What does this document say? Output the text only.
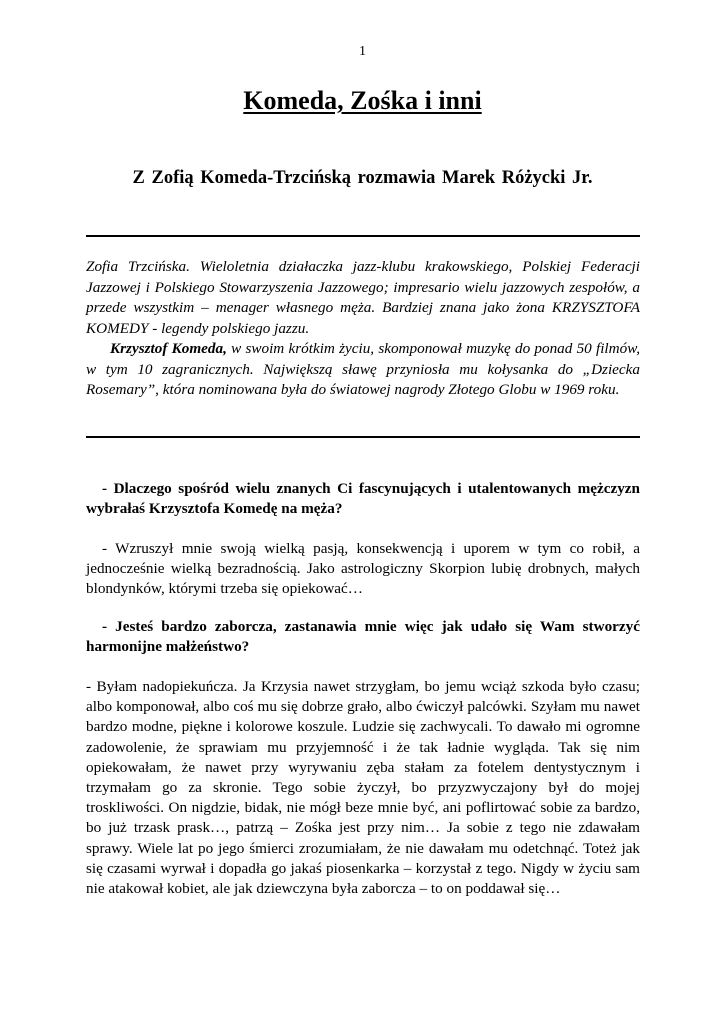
1
Komeda, Zośka i inni
Z Zofią Komeda-Trzcińską rozmawia Marek Różycki Jr.

Zofia Trzcińska. Wieloletnia działaczka jazz-klubu krakowskiego, Polskiej Federacji Jazzowej i Polskiego Stowarzyszenia Jazzowego; impresario wielu jazzowych zespołów, a przede wszystkim – menager własnego męża. Bardziej znana jako żona KRZYSZTOFA KOMEDY - legendy polskiego jazzu.

Krzysztof Komeda, w swoim krótkim życiu, skomponował muzykę do ponad 50 filmów, w tym 10 zagranicznych. Największą sławę przyniosła mu kołysanka do „Dziecka Rosemary”, która nominowana była do światowej nagrody Złotego Globu w 1969 roku.

- Dlaczego spośród wielu znanych Ci fascynujących i utalentowanych mężczyzn wybrałaś Krzysztofa Komedę na męża?
- Wzruszył mnie swoją wielką pasją, konsekwencją i uporem w tym co robił, a jednocześnie wielką bezradnością. Jako astrologiczny Skorpion lubię drobnych, małych blondynków, którymi trzeba się opiekować…
- Jesteś bardzo zaborcza, zastanawia mnie więc jak udało się Wam stworzyć harmonijne małżeństwo?
- Byłam nadopiekuńcza. Ja Krzysia nawet strzygłam, bo jemu wciąż szkoda było czasu; albo komponował, albo coś mu się dobrze grało, albo ćwiczył palcówki. Szyłam mu nawet bardzo modne, piękne i kolorowe koszule. Ludzie się zachwycali. To dawało mi ogromne zadowolenie, że sprawiam mu przyjemność i że tak ładnie wygląda. Tak się nim opiekowałam, że nawet przy wyrywaniu zęba stałam za fotelem dentystycznym i trzymałam go za skronie. Tego sobie życzył, bo przyzwyczajony był do mojej troskliwości. On nigdzie, bidak, nie mógł beze mnie być, ani poflirtować sobie za bardzo, bo już trzask prask…, patrzą – Zośka jest przy nim… Ja sobie z tego nie zdawałam sprawy. Wiele lat po jego śmierci zrozumiałam, że nie dawałam mu odetchnąć. Toteż jak się czasami wyrwał i dopadła go jakaś piosenkarka – korzystał z tego. Nigdy w życiu sam nie atakował kobiet, ale jak dziewczyna była zaborcza – to on poddawał się…
